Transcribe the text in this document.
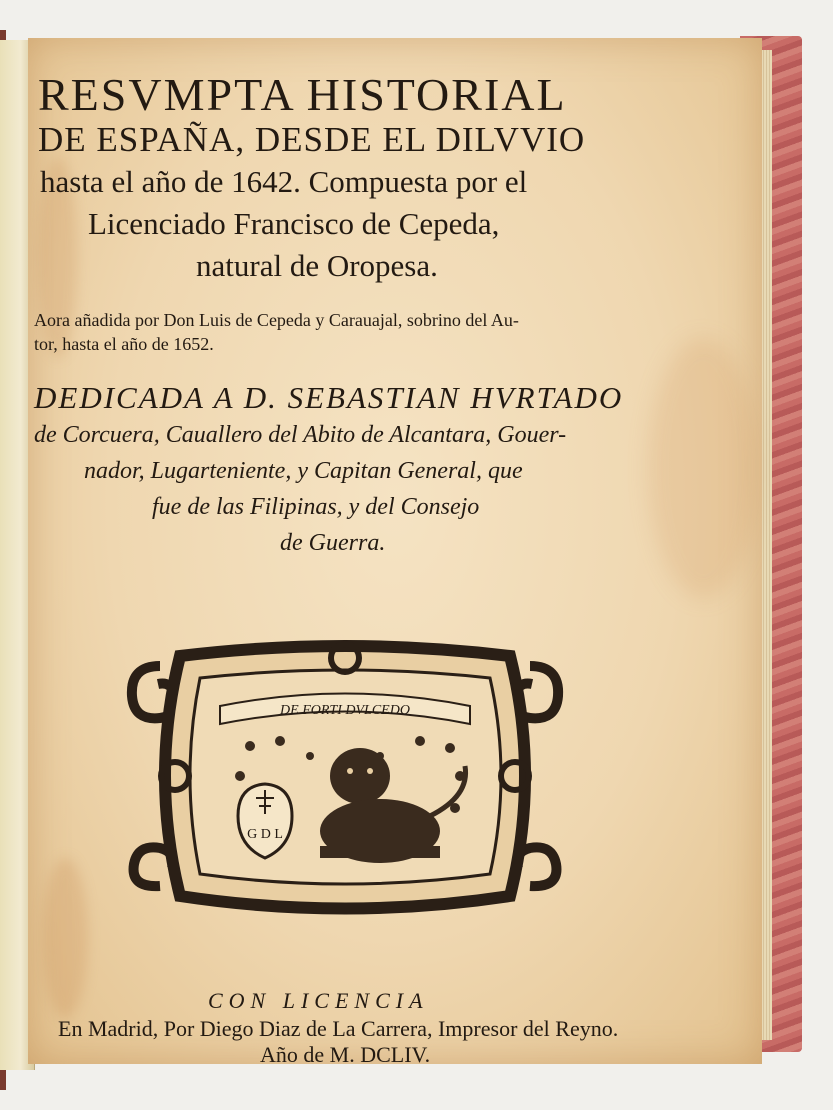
RESVMPTA HISTORIAL
DE ESPAÑA, DESDE EL DILVVIO
hasta el año de 1642. Compuesta por el
Licenciado Francisco de Cepeda,
natural de Oropesa.
Aora añadida por Don Luis de Cepeda y Carauajal, sobrino del Au-
tor, hasta el año de 1652.
DEDICADA A D. SEBASTIAN HVRTADO
de Corcuera, Cauallero del Abito de Alcantara, Gouer-
nador, Lugarteniente, y Capitan General, que
fue de las Filipinas, y del Consejo
de Guerra.
DE FORTI DVLCEDO
G D L
CON LICENCIA
En Madrid, Por Diego Diaz de La Carrera, Impresor del Reyno.
Año de M. DCLIV.
